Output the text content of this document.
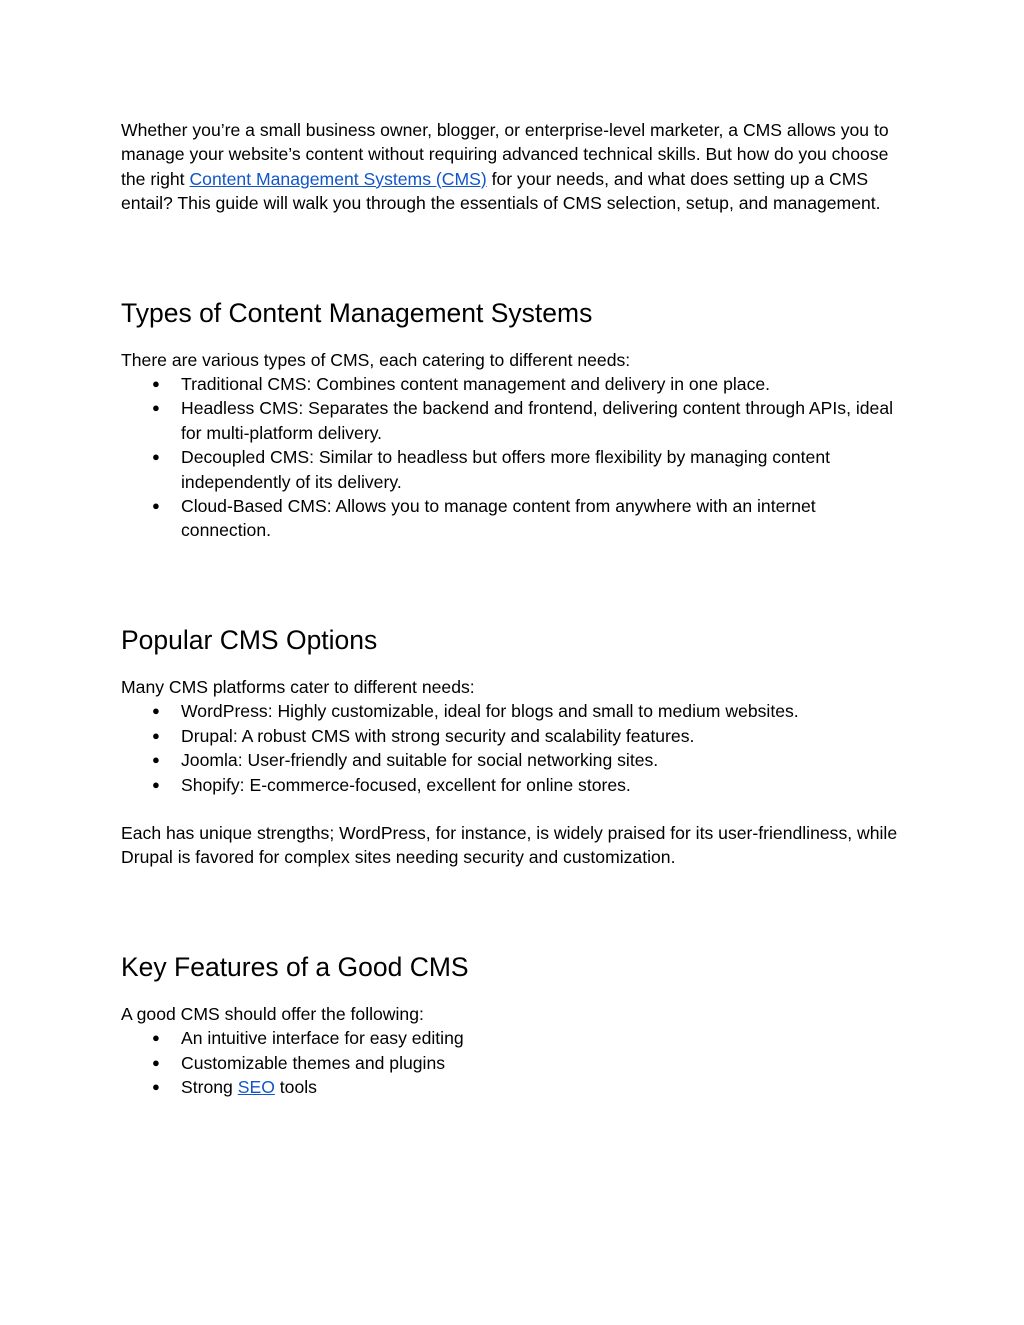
Whether you’re a small business owner, blogger, or enterprise-level marketer, a CMS allows you to manage your website’s content without requiring advanced technical skills. But how do you choose the right Content Management Systems (CMS) for your needs, and what does setting up a CMS entail? This guide will walk you through the essentials of CMS selection, setup, and management.

Types of Content Management Systems

There are various types of CMS, each catering to different needs:

● Traditional CMS: Combines content management and delivery in one place.
● Headless CMS: Separates the backend and frontend, delivering content through APIs, ideal for multi-platform delivery.
● Decoupled CMS: Similar to headless but offers more flexibility by managing content independently of its delivery.
● Cloud-Based CMS: Allows you to manage content from anywhere with an internet connection.
Popular CMS Options

Many CMS platforms cater to different needs:

● WordPress: Highly customizable, ideal for blogs and small to medium websites.
● Drupal: A robust CMS with strong security and scalability features.
● Joomla: User-friendly and suitable for social networking sites.
● Shopify: E-commerce-focused, excellent for online stores.

Each has unique strengths; WordPress, for instance, is widely praised for its user-friendliness, while Drupal is favored for complex sites needing security and customization.

Key Features of a Good CMS

A good CMS should offer the following:

● An intuitive interface for easy editing
● Customizable themes and plugins
● Strong SEO tools
